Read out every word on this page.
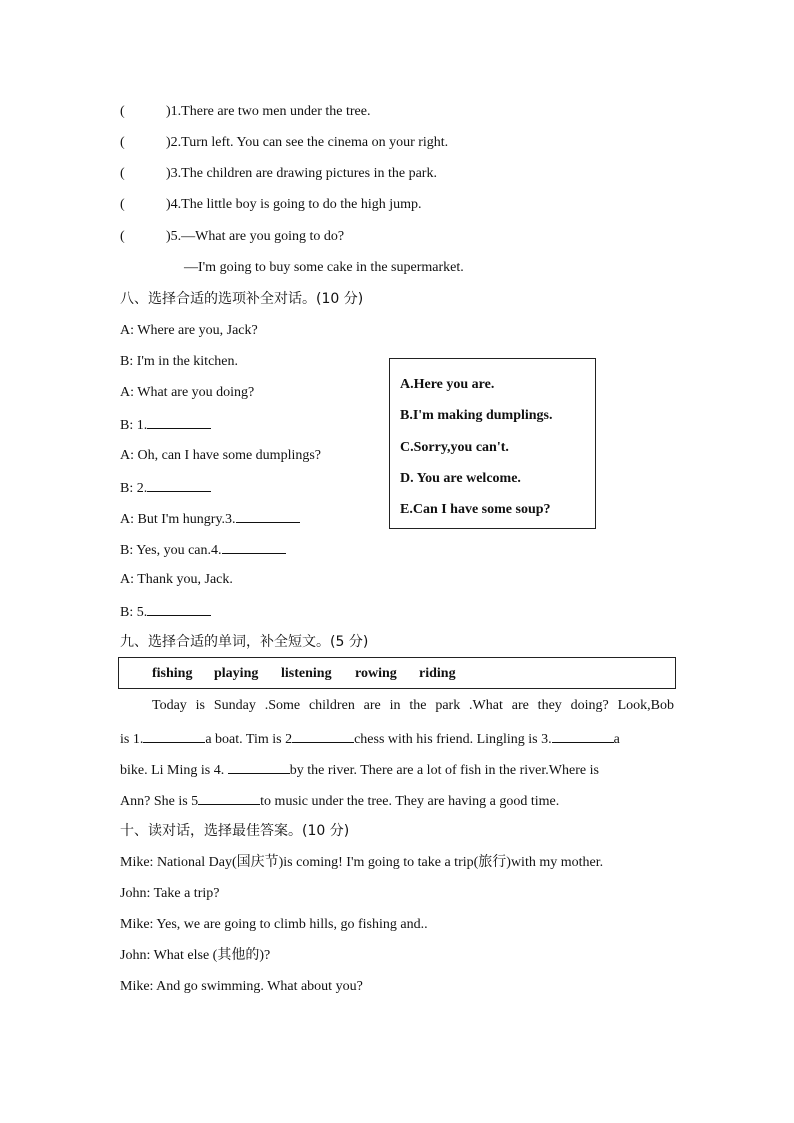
(	)1.There are two men under the tree.
(	)2.Turn left. You can see the cinema on your right.
(	)3.The children are drawing pictures in the park.
(	)4.The little boy is going to do the high jump.
(	)5.—What are you going to do?
—I'm going to buy some cake in the supermarket.
八、选择合适的选项补全对话。(10 分)
A: Where are you, Jack?
B: I'm in the kitchen.
A: What are you doing?
B: 1.
A: Oh, can I have some dumplings?
B: 2.
A: But I'm hungry.3.
B: Yes, you can.4.
A: Thank you, Jack.
B: 5.
A.Here you are.
B.I'm making dumplings.
C.Sorry,you can't.
D. You are welcome.
E.Can I have some soup?
九、选择合适的单词，补全短文。(5 分)
fishing playing listening rowing riding
Today is Sunday .Some children are in the park .What are they doing? Look,Bob
is 1.	a boat. Tim is 2	chess with his friend. Lingling is 3.	a
bike. Li Ming is 4.	by the river. There are a lot of fish in the river.Where is
Ann? She is 5	to music under the tree. They are having a good time.
十、读对话，选择最佳答案。(10 分)
Mike: National Day(国庆节)is coming! I'm going to take a trip(旅行)with my mother.
John: Take a trip?
Mike: Yes, we are going to climb hills, go fishing and..
John: What else (其他的)?
Mike: And go swimming. What about you?
